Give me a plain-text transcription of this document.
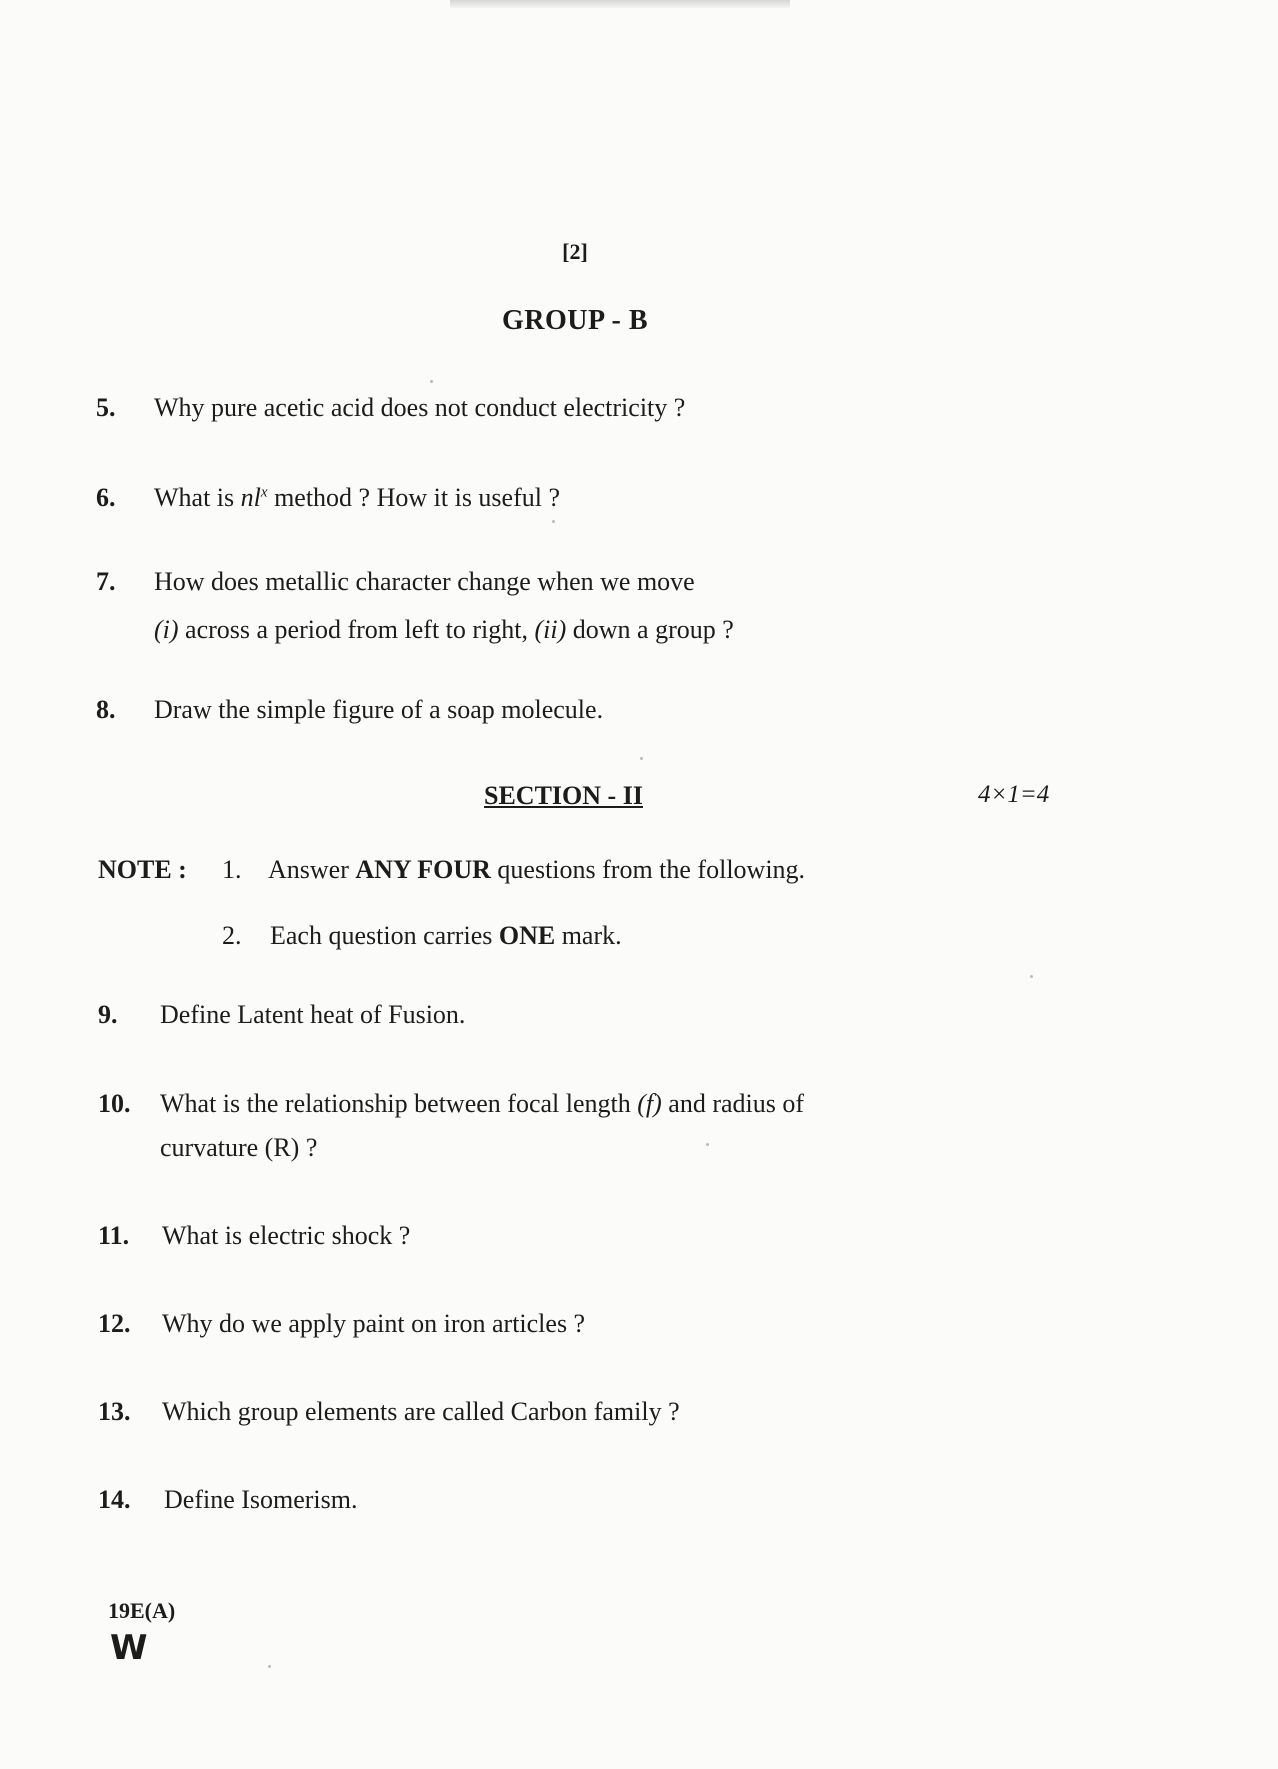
[2]
GROUP - B
5. Why pure acetic acid does not conduct electricity ?
6. What is $nl^x$ method ? How it is useful ?
7. How does metallic character change when we move
(i) across a period from left to right, (ii) down a group ?
8. Draw the simple figure of a soap molecule.
SECTION - II	4×1=4
NOTE : 1. Answer ANY FOUR questions from the following.
2. Each question carries ONE mark.
9. Define Latent heat of Fusion.
10. What is the relationship between focal length (f) and radius of
curvature (R) ?
11. What is electric shock ?
12. Why do we apply paint on iron articles ?
13. Which group elements are called Carbon family ?
14. Define Isomerism.
19E(A)
W
